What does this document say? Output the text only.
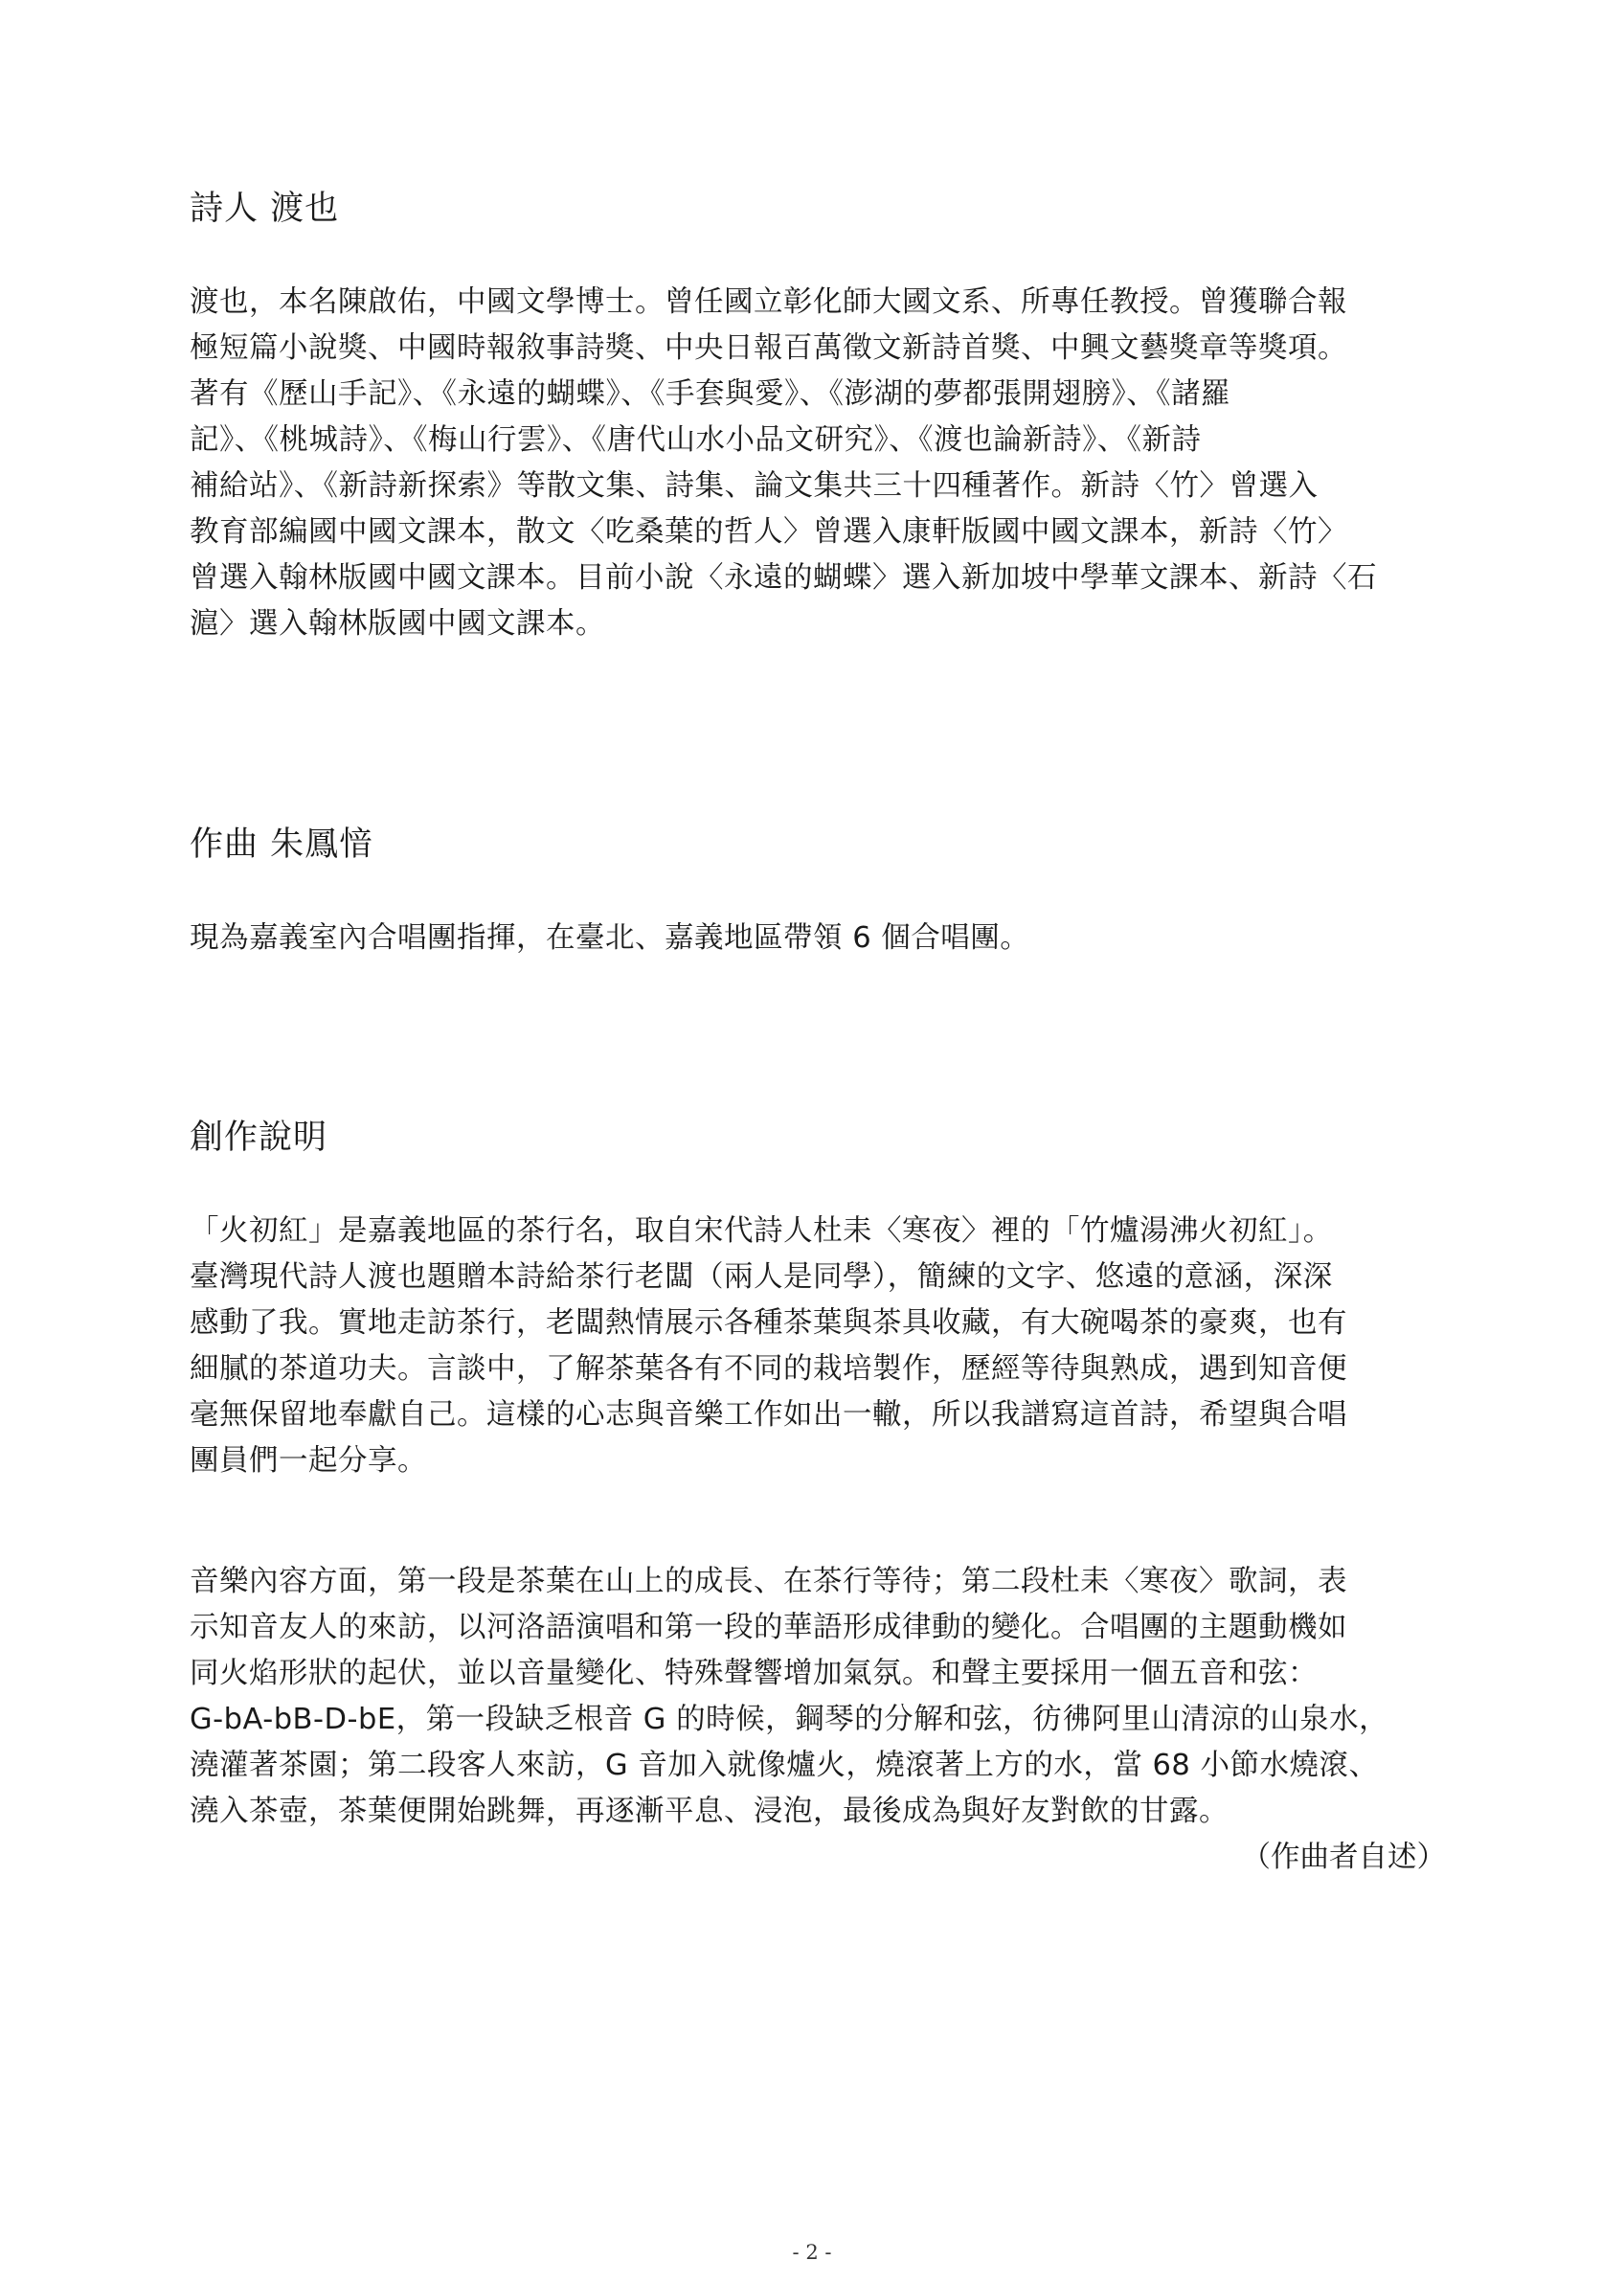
詩人 渡也

渡也，本名陳啟佑，中國文學博士。曾任國立彰化師大國文系、所專任教授。曾獲聯合報
極短篇小說獎、中國時報敘事詩獎、中央日報百萬徵文新詩首獎、中興文藝獎章等獎項。
著有《歷山手記》、《永遠的蝴蝶》、《手套與愛》、《澎湖的夢都張開翅膀》、《諸羅
記》、《桃城詩》、《梅山行雲》、《唐代山水小品文研究》、《渡也論新詩》、《新詩
補給站》、《新詩新探索》等散文集、詩集、論文集共三十四種著作。新詩〈竹〉曾選入
教育部編國中國文課本，散文〈吃桑葉的哲人〉曾選入康軒版國中國文課本，新詩〈竹〉
曾選入翰林版國中國文課本。目前小說〈永遠的蝴蝶〉選入新加坡中學華文課本、新詩〈石
滬〉選入翰林版國中國文課本。

作曲 朱鳳愔

現為嘉義室內合唱團指揮，在臺北、嘉義地區帶領 6 個合唱團。

創作說明

「火初紅」是嘉義地區的茶行名，取自宋代詩人杜耒〈寒夜〉裡的「竹爐湯沸火初紅」。
臺灣現代詩人渡也題贈本詩給茶行老闆（兩人是同學），簡練的文字、悠遠的意涵，深深
感動了我。實地走訪茶行，老闆熱情展示各種茶葉與茶具收藏，有大碗喝茶的豪爽，也有
細膩的茶道功夫。言談中，了解茶葉各有不同的栽培製作，歷經等待與熟成，遇到知音便
毫無保留地奉獻自己。這樣的心志與音樂工作如出一轍，所以我譜寫這首詩，希望與合唱
團員們一起分享。

音樂內容方面，第一段是茶葉在山上的成長、在茶行等待；第二段杜耒〈寒夜〉歌詞，表
示知音友人的來訪，以河洛語演唱和第一段的華語形成律動的變化。合唱團的主題動機如
同火焰形狀的起伏，並以音量變化、特殊聲響增加氣氛。和聲主要採用一個五音和弦：
G-bA-bB-D-bE，第一段缺乏根音 G 的時候，鋼琴的分解和弦，彷彿阿里山清涼的山泉水，
澆灌著茶園；第二段客人來訪，G 音加入就像爐火，燒滾著上方的水，當 68 小節水燒滾、
澆入茶壺，茶葉便開始跳舞，再逐漸平息、浸泡，最後成為與好友對飲的甘露。

（作曲者自述）

- 2 -
